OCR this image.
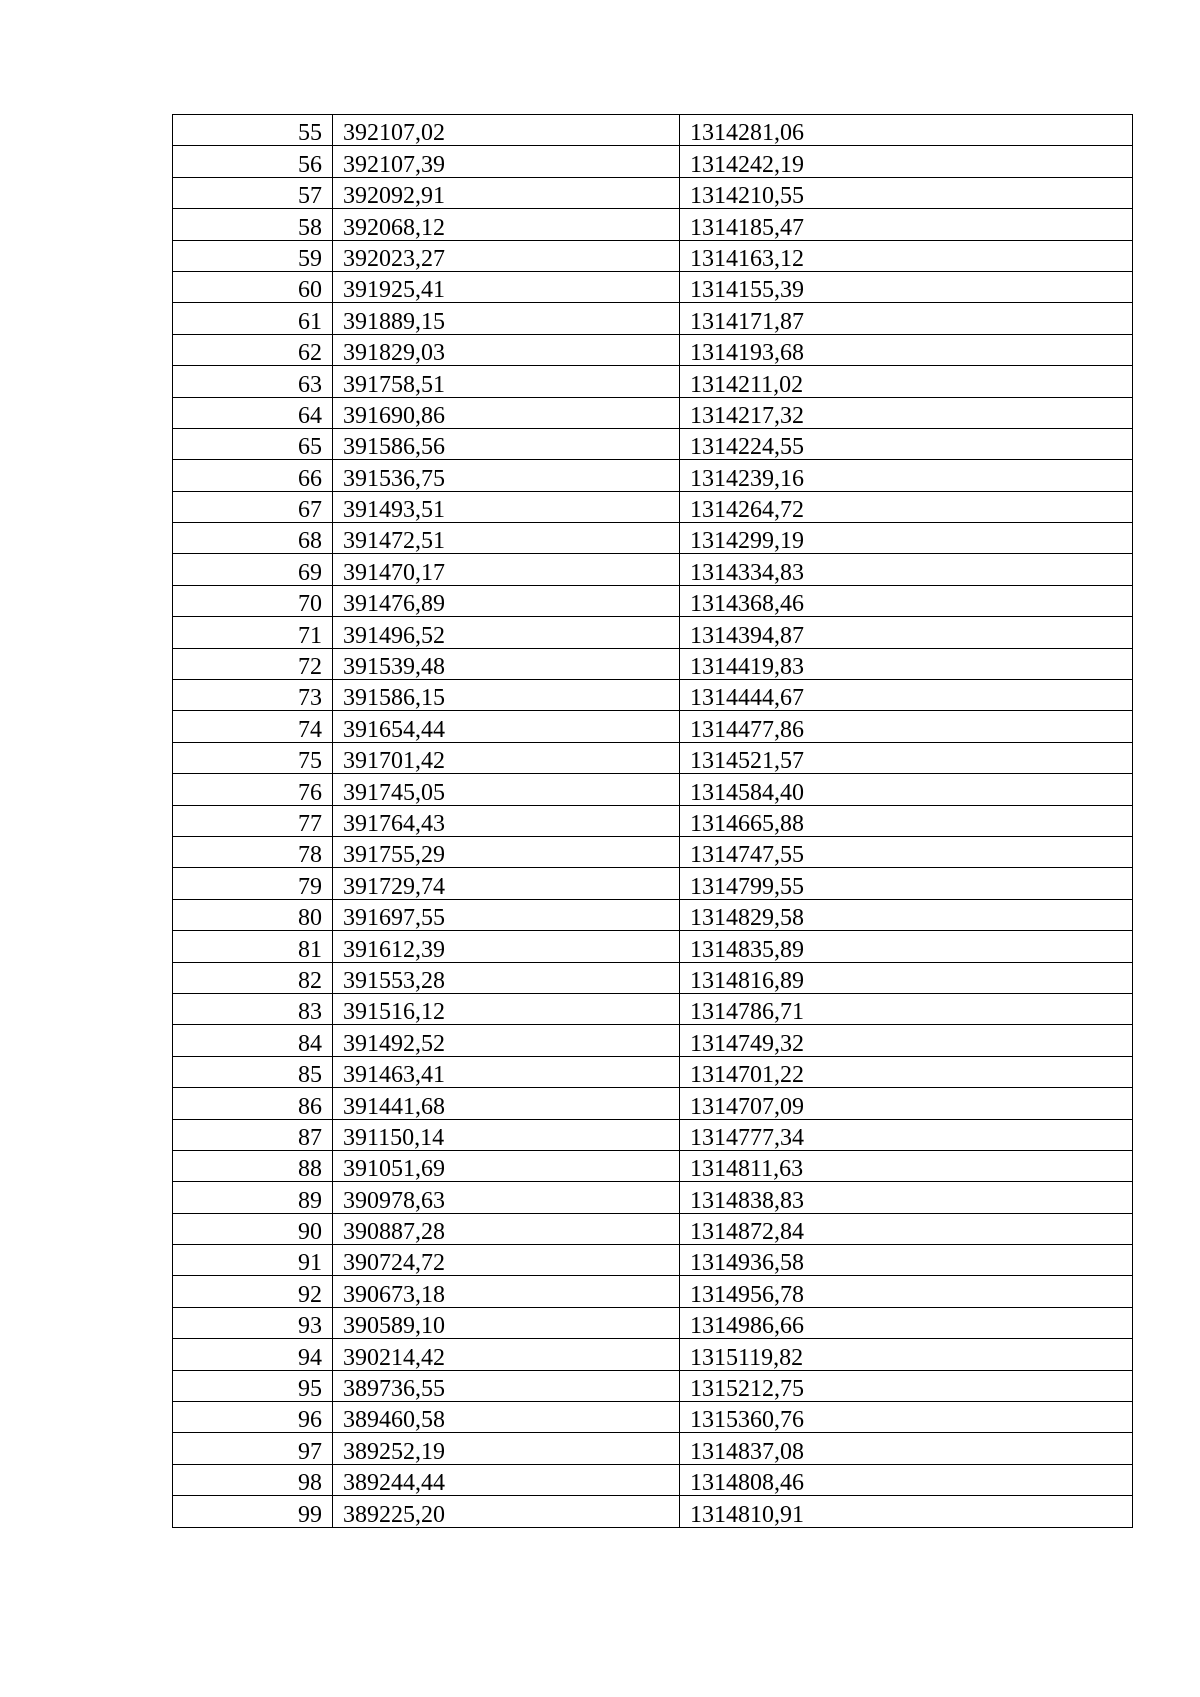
55	392107,02	1314281,06
56	392107,39	1314242,19
57	392092,91	1314210,55
58	392068,12	1314185,47
59	392023,27	1314163,12
60	391925,41	1314155,39
61	391889,15	1314171,87
62	391829,03	1314193,68
63	391758,51	1314211,02
64	391690,86	1314217,32
65	391586,56	1314224,55
66	391536,75	1314239,16
67	391493,51	1314264,72
68	391472,51	1314299,19
69	391470,17	1314334,83
70	391476,89	1314368,46
71	391496,52	1314394,87
72	391539,48	1314419,83
73	391586,15	1314444,67
74	391654,44	1314477,86
75	391701,42	1314521,57
76	391745,05	1314584,40
77	391764,43	1314665,88
78	391755,29	1314747,55
79	391729,74	1314799,55
80	391697,55	1314829,58
81	391612,39	1314835,89
82	391553,28	1314816,89
83	391516,12	1314786,71
84	391492,52	1314749,32
85	391463,41	1314701,22
86	391441,68	1314707,09
87	391150,14	1314777,34
88	391051,69	1314811,63
89	390978,63	1314838,83
90	390887,28	1314872,84
91	390724,72	1314936,58
92	390673,18	1314956,78
93	390589,10	1314986,66
94	390214,42	1315119,82
95	389736,55	1315212,75
96	389460,58	1315360,76
97	389252,19	1314837,08
98	389244,44	1314808,46
99	389225,20	1314810,91
